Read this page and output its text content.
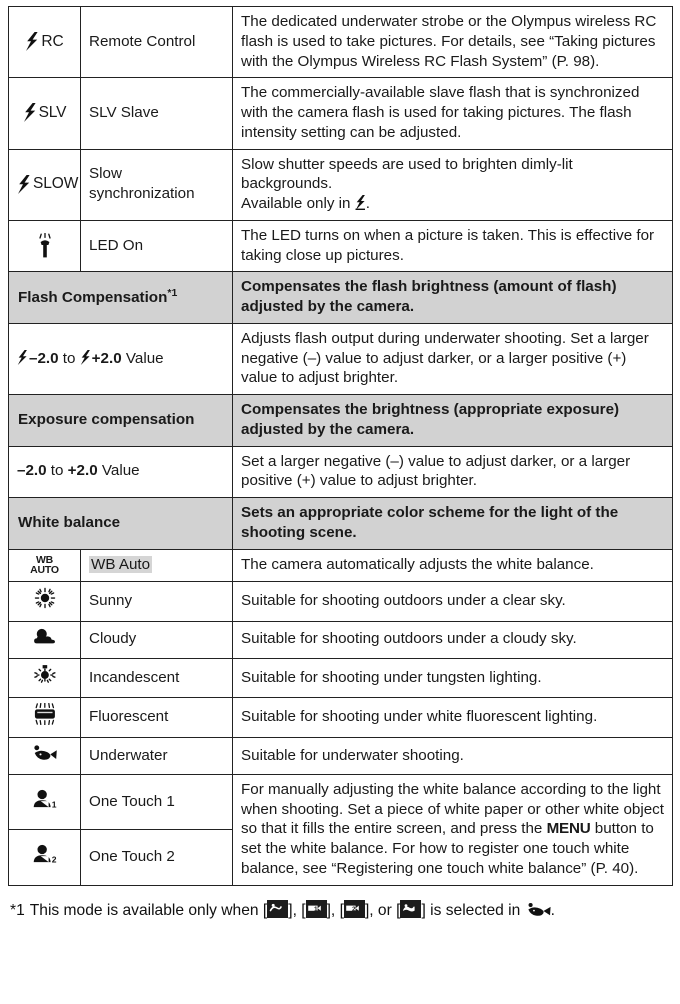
RC	Remote Control	The dedicated underwater strobe or the Olympus wireless RC flash is used to take pictures. For details, see “Taking pictures with the Olympus Wireless RC Flash System” (P. 98).

SLV	SLV Slave	The commercially-available slave flash that is synchronized with the camera flash is used for taking pictures. The flash intensity setting can be adjusted.

SLOW	Slow synchronization	Slow shutter speeds are used to brighten dimly-lit backgrounds.
Available only in .
	LED On	The LED turns on when a picture is taken. This is effective for taking close up pictures.
Flash Compensation$^{*1}$		Compensates the flash brightness (amount of flash) adjusted by the camera.
–2.0 to +2.0 Value		Adjusts flash output during underwater shooting. Set a larger negative (–) value to adjust darker, or a larger positive (+) value to adjust brighter.
Exposure compensation		Compensates the brightness (appropriate exposure) adjusted by the camera.
–2.0 to +2.0 Value		Set a larger negative (–) value to adjust darker, or a larger positive (+) value to adjust brighter.
White balance		Sets an appropriate color scheme for the light of the shooting scene.

WB
AUTO	WB Auto	The camera automatically adjusts the white balance.
	Sunny	Suitable for shooting outdoors under a clear sky.
	Cloudy	Suitable for shooting outdoors under a cloudy sky.
	Incandescent	Suitable for shooting under tungsten lighting.
	Fluorescent	Suitable for shooting under white fluorescent lighting.
	Underwater	Suitable for underwater shooting.

1	One Touch 1	For manually adjusting the white balance according to the light when shooting. Set a piece of white paper or other white object so that it fills the entire screen, and press the MENU button to set the white balance. For how to register one touch white balance, see “Registering one touch white balance” (P. 40).

2	One Touch 2	
*1 This mode is available only when [ ], [ 1 ], [ 2 ], or [ ] is selected in .
